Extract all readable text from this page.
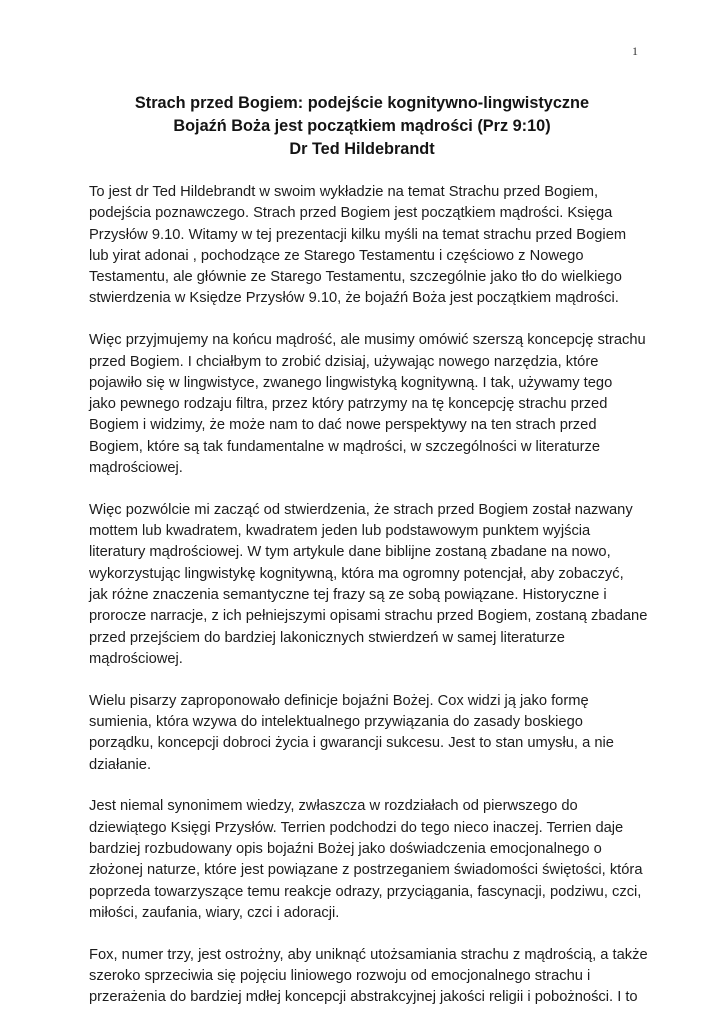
1
Strach przed Bogiem: podejście kognitywno-lingwistyczne
Bojaźń Boża jest początkiem mądrości (Prz 9:10)
Dr Ted Hildebrandt

To jest dr Ted Hildebrandt w swoim wykładzie na temat Strachu przed Bogiem,
podejścia poznawczego. Strach przed Bogiem jest początkiem mądrości. Księga
Przysłów 9.10. Witamy w tej prezentacji kilku myśli na temat strachu przed Bogiem
lub yirat adonai , pochodzące ze Starego Testamentu i częściowo z Nowego
Testamentu, ale głównie ze Starego Testamentu, szczególnie jako tło do wielkiego
stwierdzenia w Księdze Przysłów 9.10, że bojaźń Boża jest początkiem mądrości.

Więc przyjmujemy na końcu mądrość, ale musimy omówić szerszą koncepcję strachu
przed Bogiem. I chciałbym to zrobić dzisiaj, używając nowego narzędzia, które
pojawiło się w lingwistyce, zwanego lingwistyką kognitywną. I tak, używamy tego
jako pewnego rodzaju filtra, przez który patrzymy na tę koncepcję strachu przed
Bogiem i widzimy, że może nam to dać nowe perspektywy na ten strach przed
Bogiem, które są tak fundamentalne w mądrości, w szczególności w literaturze
mądrościowej.

Więc pozwólcie mi zacząć od stwierdzenia, że strach przed Bogiem został nazwany
mottem lub kwadratem, kwadratem jeden lub podstawowym punktem wyjścia
literatury mądrościowej. W tym artykule dane biblijne zostaną zbadane na nowo,
wykorzystując lingwistykę kognitywną, która ma ogromny potencjał, aby zobaczyć,
jak różne znaczenia semantyczne tej frazy są ze sobą powiązane. Historyczne i
prorocze narracje, z ich pełniejszymi opisami strachu przed Bogiem, zostaną zbadane
przed przejściem do bardziej lakonicznych stwierdzeń w samej literaturze
mądrościowej.

Wielu pisarzy zaproponowało definicje bojaźni Bożej. Cox widzi ją jako formę
sumienia, która wzywa do intelektualnego przywiązania do zasady boskiego
porządku, koncepcji dobroci życia i gwarancji sukcesu. Jest to stan umysłu, a nie
działanie.

Jest niemal synonimem wiedzy, zwłaszcza w rozdziałach od pierwszego do
dziewiątego Księgi Przysłów. Terrien podchodzi do tego nieco inaczej. Terrien daje
bardziej rozbudowany opis bojaźni Bożej jako doświadczenia emocjonalnego o
złożonej naturze, które jest powiązane z postrzeganiem świadomości świętości, która
poprzeda towarzyszące temu reakcje odrazy, przyciągania, fascynacji, podziwu, czci,
miłości, zaufania, wiary, czci i adoracji.

Fox, numer trzy, jest ostrożny, aby uniknąć utożsamiania strachu z mądrością, a także
szeroko sprzeciwia się pojęciu liniowego rozwoju od emocjonalnego strachu i
przerażenia do bardziej mdłej koncepcji abstrakcyjnej jakości religii i pobożności. I to
